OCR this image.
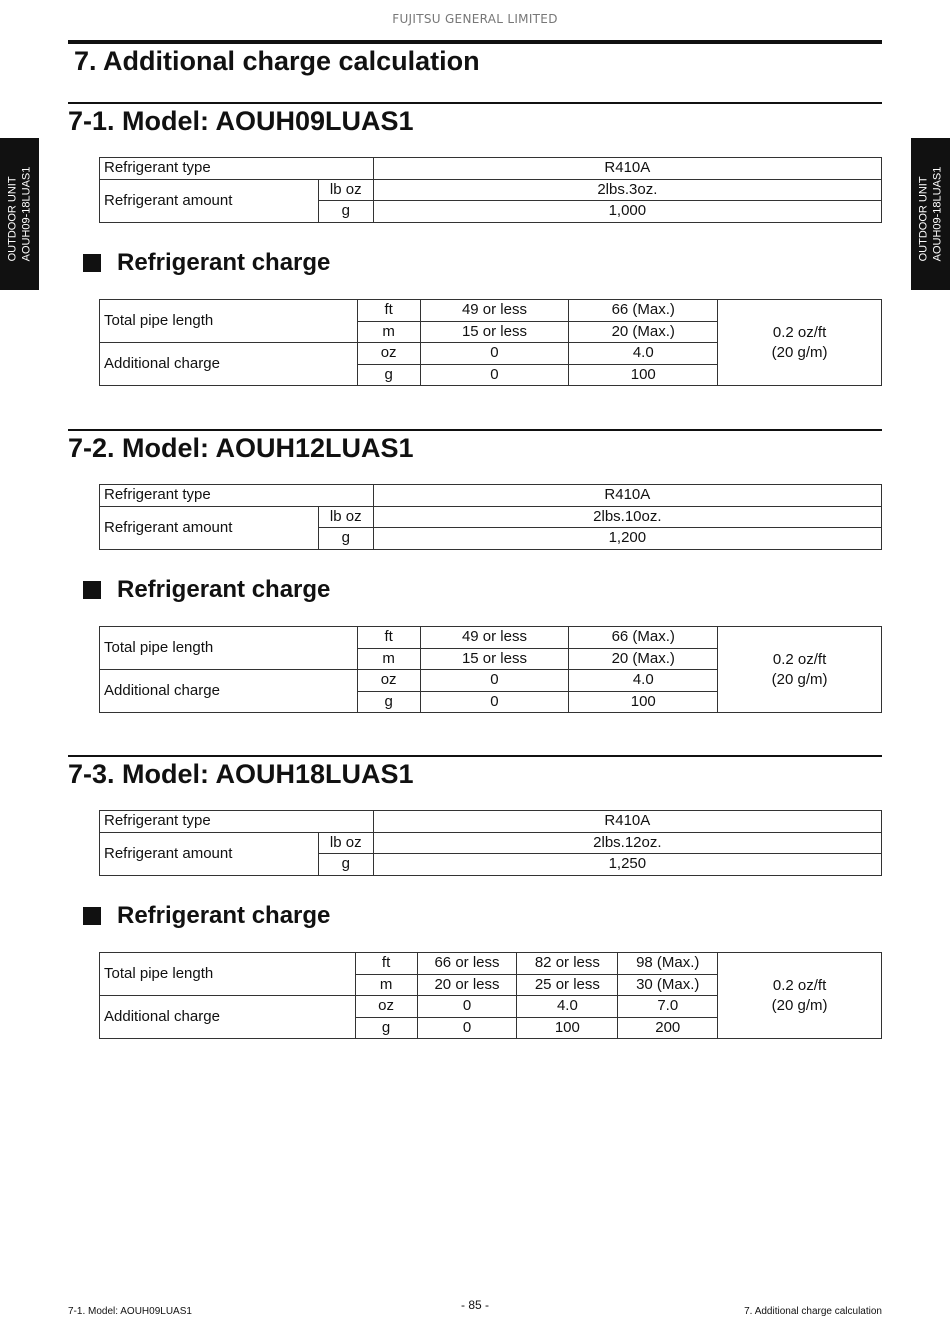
FUJITSU GENERAL LIMITED
7. Additional charge calculation
OUTDOOR UNIT AOUH09-18LUAS1	OUTDOOR UNIT AOUH09-18LUAS1
7-1. Model: AOUH09LUAS1
Refrigerant type		R410A
Refrigerant amount	lb oz	2lbs.3oz.
	g	1,000
Refrigerant charge
Total pipe length	ft	49 or less	66 (Max.)	0.2 oz/ft
(20 g/m)

	m	15 or less	20 (Max.)	
Additional charge	oz	0	4.0	
	g	0	100	
7-2. Model: AOUH12LUAS1
Refrigerant type		R410A
Refrigerant amount	lb oz	2lbs.10oz.
	g	1,200
Refrigerant charge
Total pipe length	ft	49 or less	66 (Max.)	0.2 oz/ft
(20 g/m)

	m	15 or less	20 (Max.)	
Additional charge	oz	0	4.0	
	g	0	100	
7-3. Model: AOUH18LUAS1
Refrigerant type		R410A
Refrigerant amount	lb oz	2lbs.12oz.
	g	1,250
Refrigerant charge
Total pipe length	ft	66 or less	82 or less	98 (Max.)	0.2 oz/ft
(20 g/m)

	m	20 or less	25 or less	30 (Max.)	
Additional charge	oz	0	4.0	7.0	
	g	0	100	200	
7-1. Model: AOUH09LUAS1	- 85 -	7. Additional charge calculation
